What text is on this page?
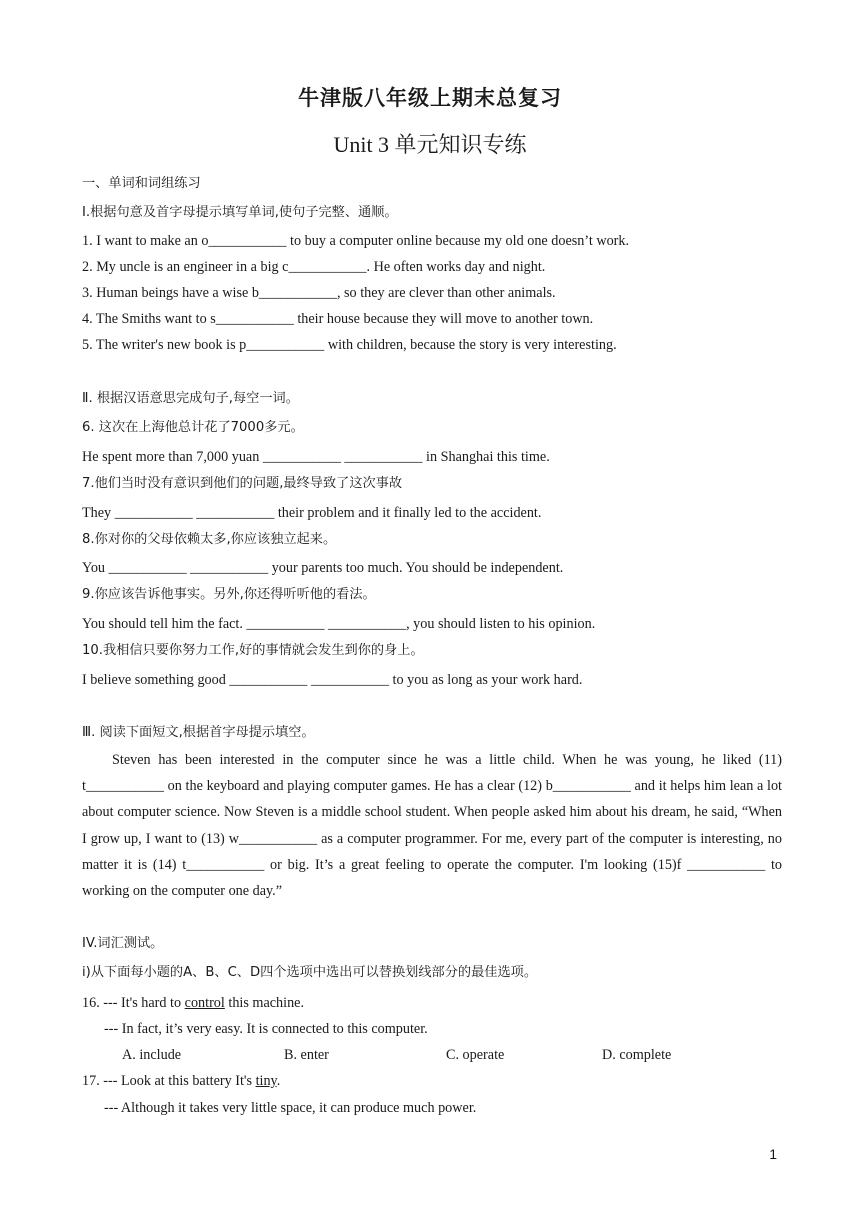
牛津版八年级上期末总复习
Unit 3 单元知识专练
一、单词和词组练习
I.根据句意及首字母提示填写单词,使句子完整、通顺。
1. I want to make an o___________ to buy a computer online because my old one doesn’t work.
2. My uncle is an engineer in a big c___________. He often works day and night.
3. Human beings have a wise b___________, so they are clever than other animals.
4. The Smiths want to s___________ their house because they will move to another town.
5. The writer's new book is p___________ with children, because the story is very interesting.
Ⅱ. 根据汉语意思完成句子,每空一词。
6. 这次在上海他总计花了7000多元。
He spent more than 7,000 yuan ___________ ___________ in Shanghai this time.
7.他们当时没有意识到他们的问题,最终导致了这次事故
They ___________ ___________ their problem and it finally led to the accident.
8.你对你的父母依赖太多,你应该独立起来。
You ___________ ___________ your parents too much. You should be independent.
9.你应该告诉他事实。另外,你还得听听他的看法。
You should tell him the fact. ___________ ___________, you should listen to his opinion.
10.我相信只要你努力工作,好的事情就会发生到你的身上。
I believe something good ___________ ___________ to you as long as your work hard.
Ⅲ. 阅读下面短文,根据首字母提示填空。
Steven has been interested in the computer since he was a little child. When he was young, he liked (11) t___________ on the keyboard and playing computer games. He has a clear (12) b___________ and it helps him lean a lot about computer science. Now Steven is a middle school student. When people asked him about his dream, he said, “When I grow up, I want to (13) w___________ as a computer programmer. For me, every part of the computer is interesting, no matter it is (14) t___________ or big. It’s a great feeling to operate the computer. I'm looking (15)f ___________ to working on the computer one day.”
IV.词汇测试。
i)从下面每小题的A、B、C、D四个选项中选出可以替换划线部分的最佳选项。
16. --- It's hard to control this machine.
--- In fact, it’s very easy. It is connected to this computer.
A. include	B. enter	C. operate	D. complete
17. --- Look at this battery It's tiny.
--- Although it takes very little space, it can produce much power.
1
